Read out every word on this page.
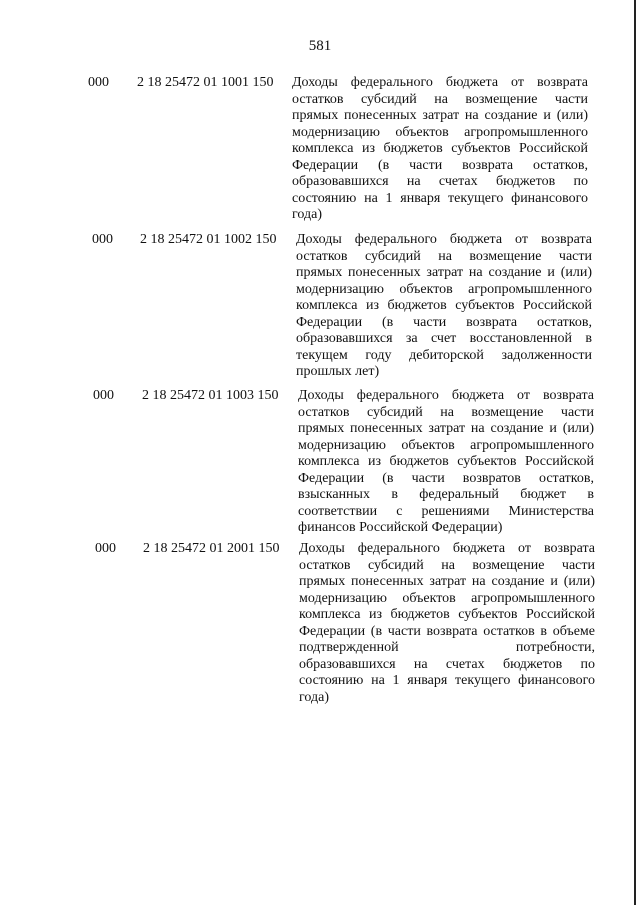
581
000 2 18 25472 01 1001 150 Доходы федерального бюджета от возврата
остатков субсидий на возмещение части
прямых понесенных затрат на создание и (или)
модернизацию объектов агропромышленного
комплекса из бюджетов субъектов Российской
Федерации (в части возврата остатков,
образовавшихся на счетах бюджетов по
состоянию на 1 января текущего финансового
года)
000 2 18 25472 01 1002 150 Доходы федерального бюджета от возврата
остатков субсидий на возмещение части
прямых понесенных затрат на создание и (или)
модернизацию объектов агропромышленного
комплекса из бюджетов субъектов Российской
Федерации (в части возврата остатков,
образовавшихся за счет восстановленной в
текущем году дебиторской задолженности
прошлых лет)
000 2 18 25472 01 1003 150 Доходы федерального бюджета от возврата
остатков субсидий на возмещение части
прямых понесенных затрат на создание и (или)
модернизацию объектов агропромышленного
комплекса из бюджетов субъектов Российской
Федерации (в части возвратов остатков,
взысканных в федеральный бюджет в
соответствии с решениями Министерства
финансов Российской Федерации)
000 2 18 25472 01 2001 150 Доходы федерального бюджета от возврата
остатков субсидий на возмещение части
прямых понесенных затрат на создание и (или)
модернизацию объектов агропромышленного
комплекса из бюджетов субъектов Российской
Федерации (в части возврата остатков в объеме
подтвержденной потребности,
образовавшихся на счетах бюджетов по
состоянию на 1 января текущего финансового
года)
